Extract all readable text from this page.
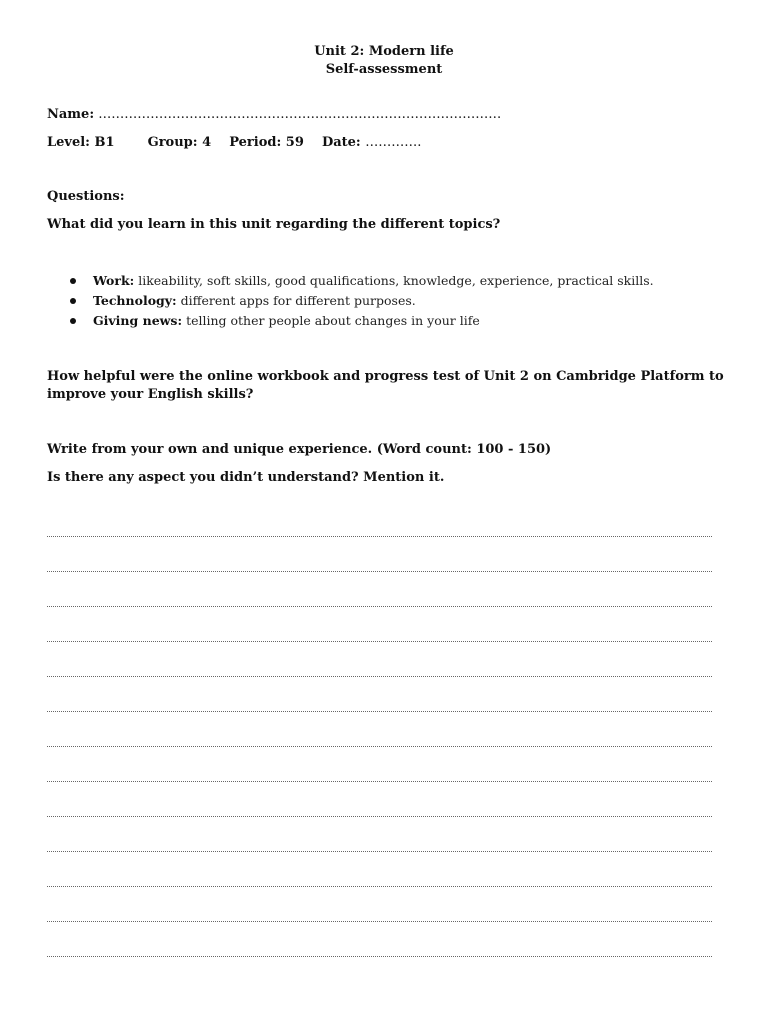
Unit 2: Modern life
Self-assessment
Name: …………………………………………………………………………………
Level: B1	Group: 4 Period: 59 Date: ………….
Questions:
What did you learn in this unit regarding the different topics?
Work: likeability, soft skills, good qualifications, knowledge, experience, practical skills.
Technology: different apps for different purposes.
Giving news: telling other people about changes in your life
How helpful were the online workbook and progress test of Unit 2 on Cambridge Platform to improve your English skills?
Write from your own and unique experience. (Word count: 100 - 150)
Is there any aspect you didn’t understand? Mention it.
